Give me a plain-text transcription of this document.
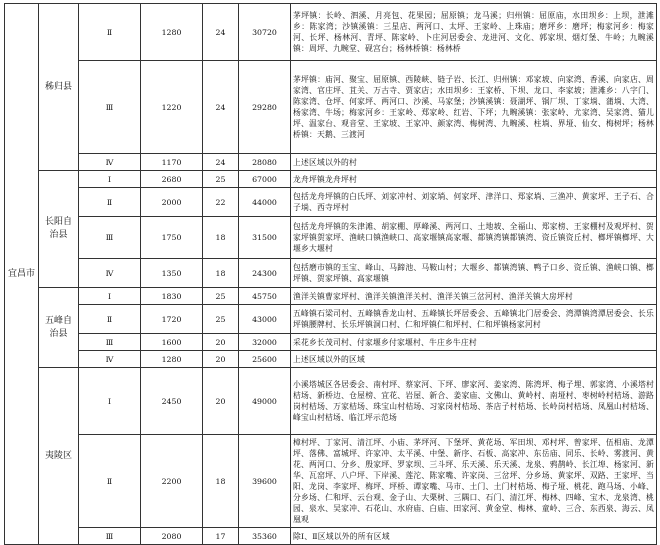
宜昌市	秭归县	Ⅱ	1280	24	30720	茅坪镇：长岭、泗溪、月亮包、花果园；屈原镇；龙马溪；归州镇：屈原庙，水田坝乡：上坝，泄滩乡：陈家湾；沙镇溪镇：三星店、两河口、太坪、王家岭、上珠庙；磨坪乡：磨坪；梅家河乡：梅家河、长坪、杨林河、青坪、陈家岭、卜庄河居委会、龙进河、文化、郭家坝、烟灯堡、牛岭；九畹溪镇：周坪、九畹堂、砚宫台；杨林桥镇：杨林桥
		Ⅲ	1220	24	29280	茅坪镇：庙河、聚宝、屈原镇、西陵峡、链子岩、长江、归州镇：邓家坡、向家湾、香溪、向家店、周家湾、官庄坪、苴关、万古寺、贾家店；水田坝乡：王家桥、下坝、龙口、李家坡；泄滩乡：八字门、陈家湾、仓坪、何家坪、两河口、沙溪、马家堡；沙镇溪镇：聂湖坪、锅厂坝、丁家埫、蒲埫、大湾、杨家湾、牛场；梅家河乡：王家岭、郑家岭、红岩、下坪；九畹溪镇：张家岭、尤家湾、吴家湾、猫儿坪、温家台、观音堂、王家坡、王家冲、颜家湾、梅树湾、九畹溪、柱埫、界垭、仙女、梅树坪；杨林桥镇：天鹅、三渡河
		Ⅳ	1170	24	28080	上述区域以外的村
	长阳自治县	Ⅰ	2680	25	67000	龙舟坪镇龙舟坪村
		Ⅱ	2000	22	44000	包括龙舟坪镇的白氏坪、刘家冲村、刘家埫、何家坪、津洋口、郑家埫、三渔冲、黄家坪、王子石、合子埫、西寺坪村
		Ⅲ	1750	18	31500	包括龙舟坪镇的朱津滩、胡家棚、厚峰溪、两河口、土地坡、全福山、郑家榜、王家棚村及观坪村、贺家坪镇贺家坪、渔峡口镇渔峡口、高家堰镇高家堰、都镇湾镇都镇湾、资丘镇资丘村、榔坪镇榔坪、大堰乡大堰村
		Ⅳ	1350	18	24300	包括磨市镇的玉宝、峰山、马蹄池、马鞍山村；大堰乡、都镇湾镇、鸭子口乡、资丘镇、渔峡口镇、榔坪镇、贺家坪镇、高家堰镇
	五峰自治县	Ⅰ	1830	25	45750	渔洋关镇曹家坪村、渔洋关镇渔洋关村、渔洋关镇三岔河村、渔洋关镇大房坪村
		Ⅱ	1720	25	43000	五峰镇石梁司村、五峰镇香龙山村、五峰镇长坪居委会、五峰镇北门居委会、湾潭镇湾潭居委会、长乐坪镇腰牌村、长乐坪镇洞口村、仁和坪镇仁和坪村、仁和坪镇杨家河村
		Ⅲ	1600	20	32000	采花乡长茂司村、付家堰乡付家堰村、牛庄乡牛庄村
		Ⅳ	1280	20	25600	上述区域以外的区域
	夷陵区	Ⅰ	2450	20	49000	小溪塔城区各居委会、南村坪、蔡家河、下坪、廖家河、姜家湾、陈湾坪、梅子埋、郭家湾、小溪塔村桔场、新桥边、仓屋榜、宜花、岩屋、新合、姜家庙、文佛山、黄岭村、南垭村、枣树岭村桔场、游路岗村桔场、万家桔场、珠宝山村桔场、习家岗村桔场、茶店子村桔场、长岭岗村桔场、凤凰山村桔场、峰宝山村桔场、临江坪示范场
		Ⅱ	2200	18	39600	樟村坪、丁家河、清江坪、小庙、茅坪河、下堡坪、黄花场、军田坝、邓村坪、曾家坪、伍相庙、龙潭坪、落佛、富城坪、许家冲、太平溪、中堡、新序、石板、高家冲、东岳庙、同乐、长岭、雾渡河、黄花、两河口、分乡、殷家坪、罗家坝、三斗坪、乐天溪、乐天溪、龙泉、鸦鹊岭、长江埠、杨家河、新华、瓦窑坪、八户坪、下岸溪、莲沱、陈家嘴、许家岗、三岔坪、分乡场、黄家坪、双路、王家坪、当阳、龙岗、李家坪、梅坪、坪桥、谭家嘴、马市、土门、土门村桔场、梅子垭、桃花、跑马场、小峰、分乡场、仁和坪、云台观、金子山、大栗树、三隅口、石门、清江坪、梅林、四峰、宝木、龙泉湾、桃园、泉水、吴家冲、石花山、水府庙、白庙、田家河、黄金堂、梅林、童岭、三合、东西泉、海云、凤凰观
		Ⅲ	2080	17	35360	除Ⅰ、Ⅱ区域以外的所有区域
